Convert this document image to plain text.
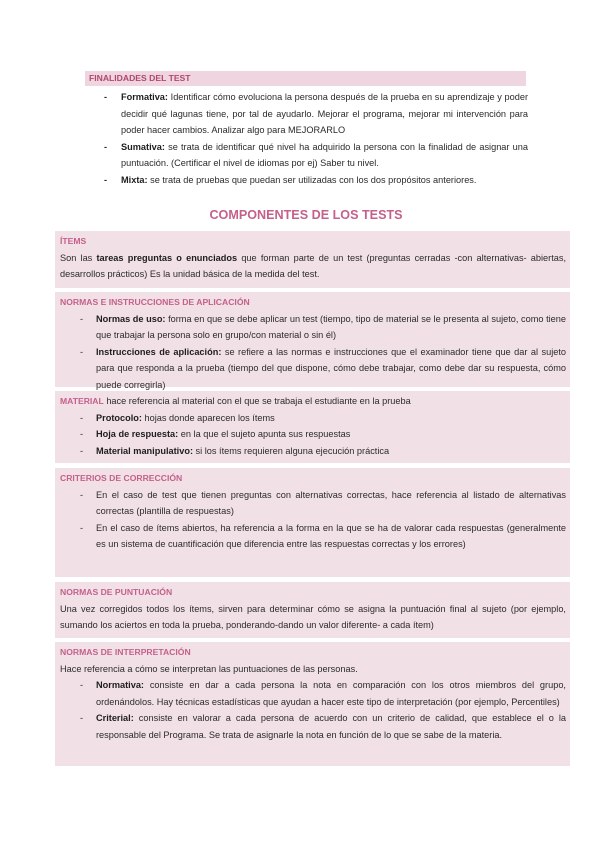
FINALIDADES DEL TEST
- Formativa: Identificar cómo evoluciona la persona después de la prueba en su aprendizaje y poder decidir qué lagunas tiene, por tal de ayudarlo. Mejorar el programa, mejorar mi intervención para poder hacer cambios. Analizar algo para MEJORARLO
- Sumativa: se trata de identificar qué nivel ha adquirido la persona con la finalidad de asignar una puntuación. (Certificar el nivel de idiomas por ej) Saber tu nivel.
- Mixta: se trata de pruebas que puedan ser utilizadas con los dos propósitos anteriores.
COMPONENTES DE LOS TESTS
ÍTEMS

Son las tareas preguntas o enunciados que forman parte de un test (preguntas cerradas -con alternativas- abiertas, desarrollos prácticos) Es la unidad básica de la medida del test.

NORMAS E INSTRUCCIONES DE APLICACIÓN
- Normas de uso: forma en que se debe aplicar un test (tiempo, tipo de material se le presenta al sujeto, como tiene que trabajar la persona solo en grupo/con material o sin él)
- Instrucciones de aplicación: se refiere a las normas e instrucciones que el examinador tiene que dar al sujeto para que responda a la prueba (tiempo del que dispone, cómo debe trabajar, como debe dar su respuesta, cómo puede corregirla)

MATERIAL hace referencia al material con el que se trabaja el estudiante en la prueba

- Protocolo: hojas donde aparecen los ítems
- Hoja de respuesta: en la que el sujeto apunta sus respuestas
- Material manipulativo: si los ítems requieren alguna ejecución práctica
CRITERIOS DE CORRECCIÓN
- En el caso de test que tienen preguntas con alternativas correctas, hace referencia al listado de alternativas correctas (plantilla de respuestas)
- En el caso de ítems abiertos, ha referencia a la forma en la que se ha de valorar cada respuestas (generalmente es un sistema de cuantificación que diferencia entre las respuestas correctas y los errores)
NORMAS DE PUNTUACIÓN

Una vez corregidos todos los ítems, sirven para determinar cómo se asigna la puntuación final al sujeto (por ejemplo, sumando los aciertos en toda la prueba, ponderando-dando un valor diferente- a cada ítem)

NORMAS DE INTERPRETACIÓN

Hace referencia a cómo se interpretan las puntuaciones de las personas.

- Normativa: consiste en dar a cada persona la nota en comparación con los otros miembros del grupo, ordenándolos. Hay técnicas estadísticas que ayudan a hacer este tipo de interpretación (por ejemplo, Percentiles)
- Criterial: consiste en valorar a cada persona de acuerdo con un criterio de calidad, que establece el o la responsable del Programa. Se trata de asignarle la nota en función de lo que se sabe de la materia.
